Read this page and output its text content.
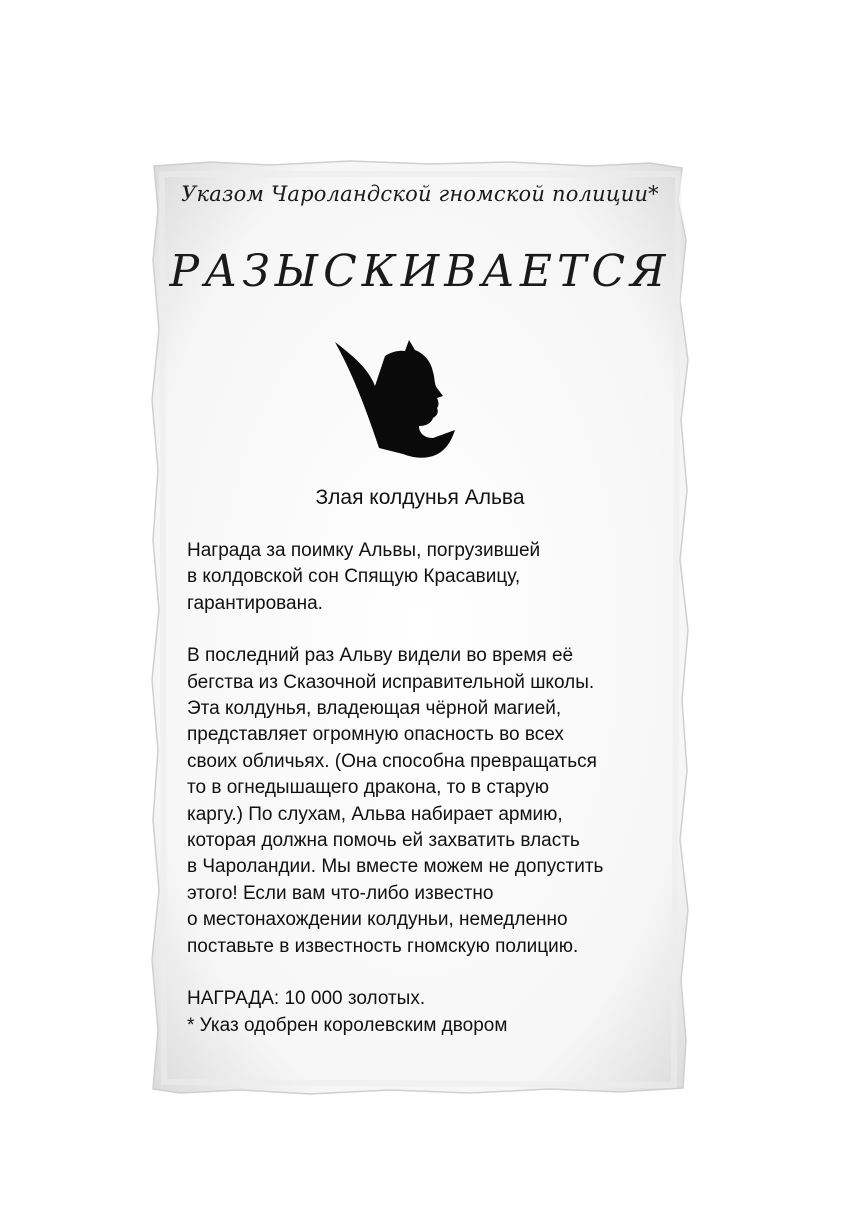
Указом Чароландской гномской полиции*
РАЗЫСКИВАЕТСЯ
Злая колдунья Альва
Награда за поимку Альвы, погрузившей
в колдовской сон Спящую Красавицу,
гарантирована.
В последний раз Альву видели во время её
бегства из Сказочной исправительной школы.
Эта колдунья, владеющая чёрной магией,
представляет огромную опасность во всех
своих обличьях. (Она способна превращаться
то в огнедышащего дракона, то в старую
каргу.) По слухам, Альва набирает армию,
которая должна помочь ей захватить власть
в Чароландии. Мы вместе можем не допустить
этого! Если вам что-либо известно
о местонахождении колдуньи, немедленно
поставьте в известность гномскую полицию.
НАГРАДА: 10 000 золотых.
* Указ одобрен королевским двором
